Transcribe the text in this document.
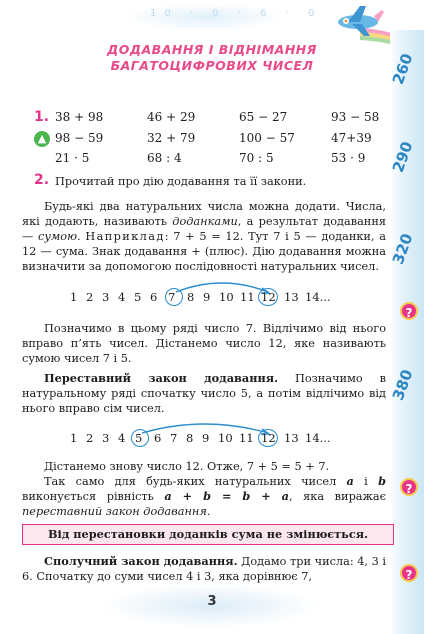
10 · 0 · 6 · 0
260
290
320
380
?
?
?
ДОДАВАННЯ І ВІДНІМАННЯ
БАГАТОЦИФРОВИХ ЧИСЕЛ
1.
▲
38 + 98	46 + 29	65 − 27	93 − 58
98 − 59	32 + 79	100 − 57	47+39
21 · 5	68 : 4	70 : 5	53 · 9
2. Прочитай про дію додавання та її закони.
Будь-які два натуральних числа можна додати. Числа, які додають, називають доданками, а результат додавання — сумою. Наприклад: 7 + 5 = 12. Тут 7 і 5 — доданки, а 12 — сума. Знак додавання + (плюс). Дію додавання можна визначити за допомогою послідовності натуральних чисел.
1 2 3 4 5 6 7 8 9 10 11 12 13 14...
Позначимо в цьому ряді число 7. Відлічимо від нього вправо п’ять чисел. Дістанемо число 12, яке називають сумою чисел 7 і 5.
Переставний закон додавання. Позначимо в натуральному ряді спочатку число 5, а потім відлічимо від нього вправо сім чисел.
1 2 3 4 5 6 7 8 9 10 11 12 13 14...
Дістанемо знову число 12. Отже, 7 + 5 = 5 + 7.
Так само для будь-яких натуральних чисел a і b виконується рівність a + b = b + a, яка виражає переставний закон додавання.
Від перестановки доданків сума не змінюється.
Сполучний закон додавання. Додамо три числа: 4, 3 і 6. Спочатку до суми чисел 4 і 3, яка дорівнює 7,
3
